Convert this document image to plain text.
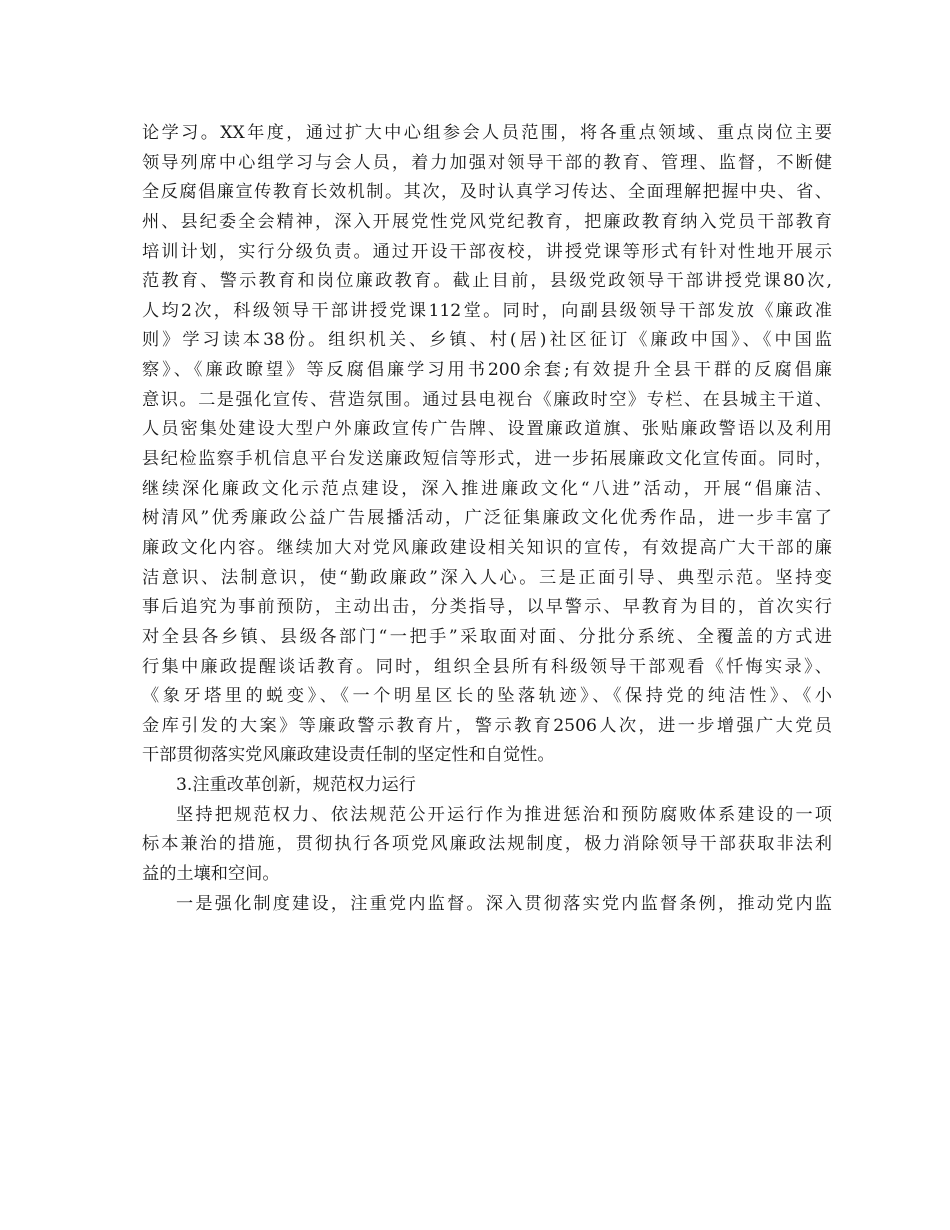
论学习。XX年度，通过扩大中心组参会人员范围，将各重点领域、重点岗位主要
领导列席中心组学习与会人员，着力加强对领导干部的教育、管理、监督，不断健
全反腐倡廉宣传教育长效机制。其次，及时认真学习传达、全面理解把握中央、省、
州、县纪委全会精神，深入开展党性党风党纪教育，把廉政教育纳入党员干部教育
培训计划，实行分级负责。通过开设干部夜校，讲授党课等形式有针对性地开展示
范教育、警示教育和岗位廉政教育。截止目前，县级党政领导干部讲授党课80次,
人均2次，科级领导干部讲授党课112堂。同时，向副县级领导干部发放《廉政准
则》学习读本38份。组织机关、乡镇、村(居)社区征订《廉政中国》、《中国监
察》、《廉政瞭望》等反腐倡廉学习用书200余套;有效提升全县干群的反腐倡廉
意识。二是强化宣传、营造氛围。通过县电视台《廉政时空》专栏、在县城主干道、
人员密集处建设大型户外廉政宣传广告牌、设置廉政道旗、张贴廉政警语以及利用
县纪检监察手机信息平台发送廉政短信等形式，进一步拓展廉政文化宣传面。同时，
继续深化廉政文化示范点建设，深入推进廉政文化“八进”活动，开展“倡廉洁、
树清风”优秀廉政公益广告展播活动，广泛征集廉政文化优秀作品，进一步丰富了
廉政文化内容。继续加大对党风廉政建设相关知识的宣传，有效提高广大干部的廉
洁意识、法制意识，使“勤政廉政”深入人心。三是正面引导、典型示范。坚持变
事后追究为事前预防，主动出击，分类指导，以早警示、早教育为目的，首次实行
对全县各乡镇、县级各部门“一把手”采取面对面、分批分系统、全覆盖的方式进
行集中廉政提醒谈话教育。同时，组织全县所有科级领导干部观看《忏悔实录》、
《象牙塔里的蜕变》、《一个明星区长的坠落轨迹》、《保持党的纯洁性》、《小
金库引发的大案》等廉政警示教育片，警示教育2506人次，进一步增强广大党员
干部贯彻落实党风廉政建设责任制的坚定性和自觉性。
3.注重改革创新，规范权力运行
坚持把规范权力、依法规范公开运行作为推进惩治和预防腐败体系建设的一项
标本兼治的措施，贯彻执行各项党风廉政法规制度，极力消除领导干部获取非法利
益的土壤和空间。
一是强化制度建设，注重党内监督。深入贯彻落实党内监督条例，推动党内监
